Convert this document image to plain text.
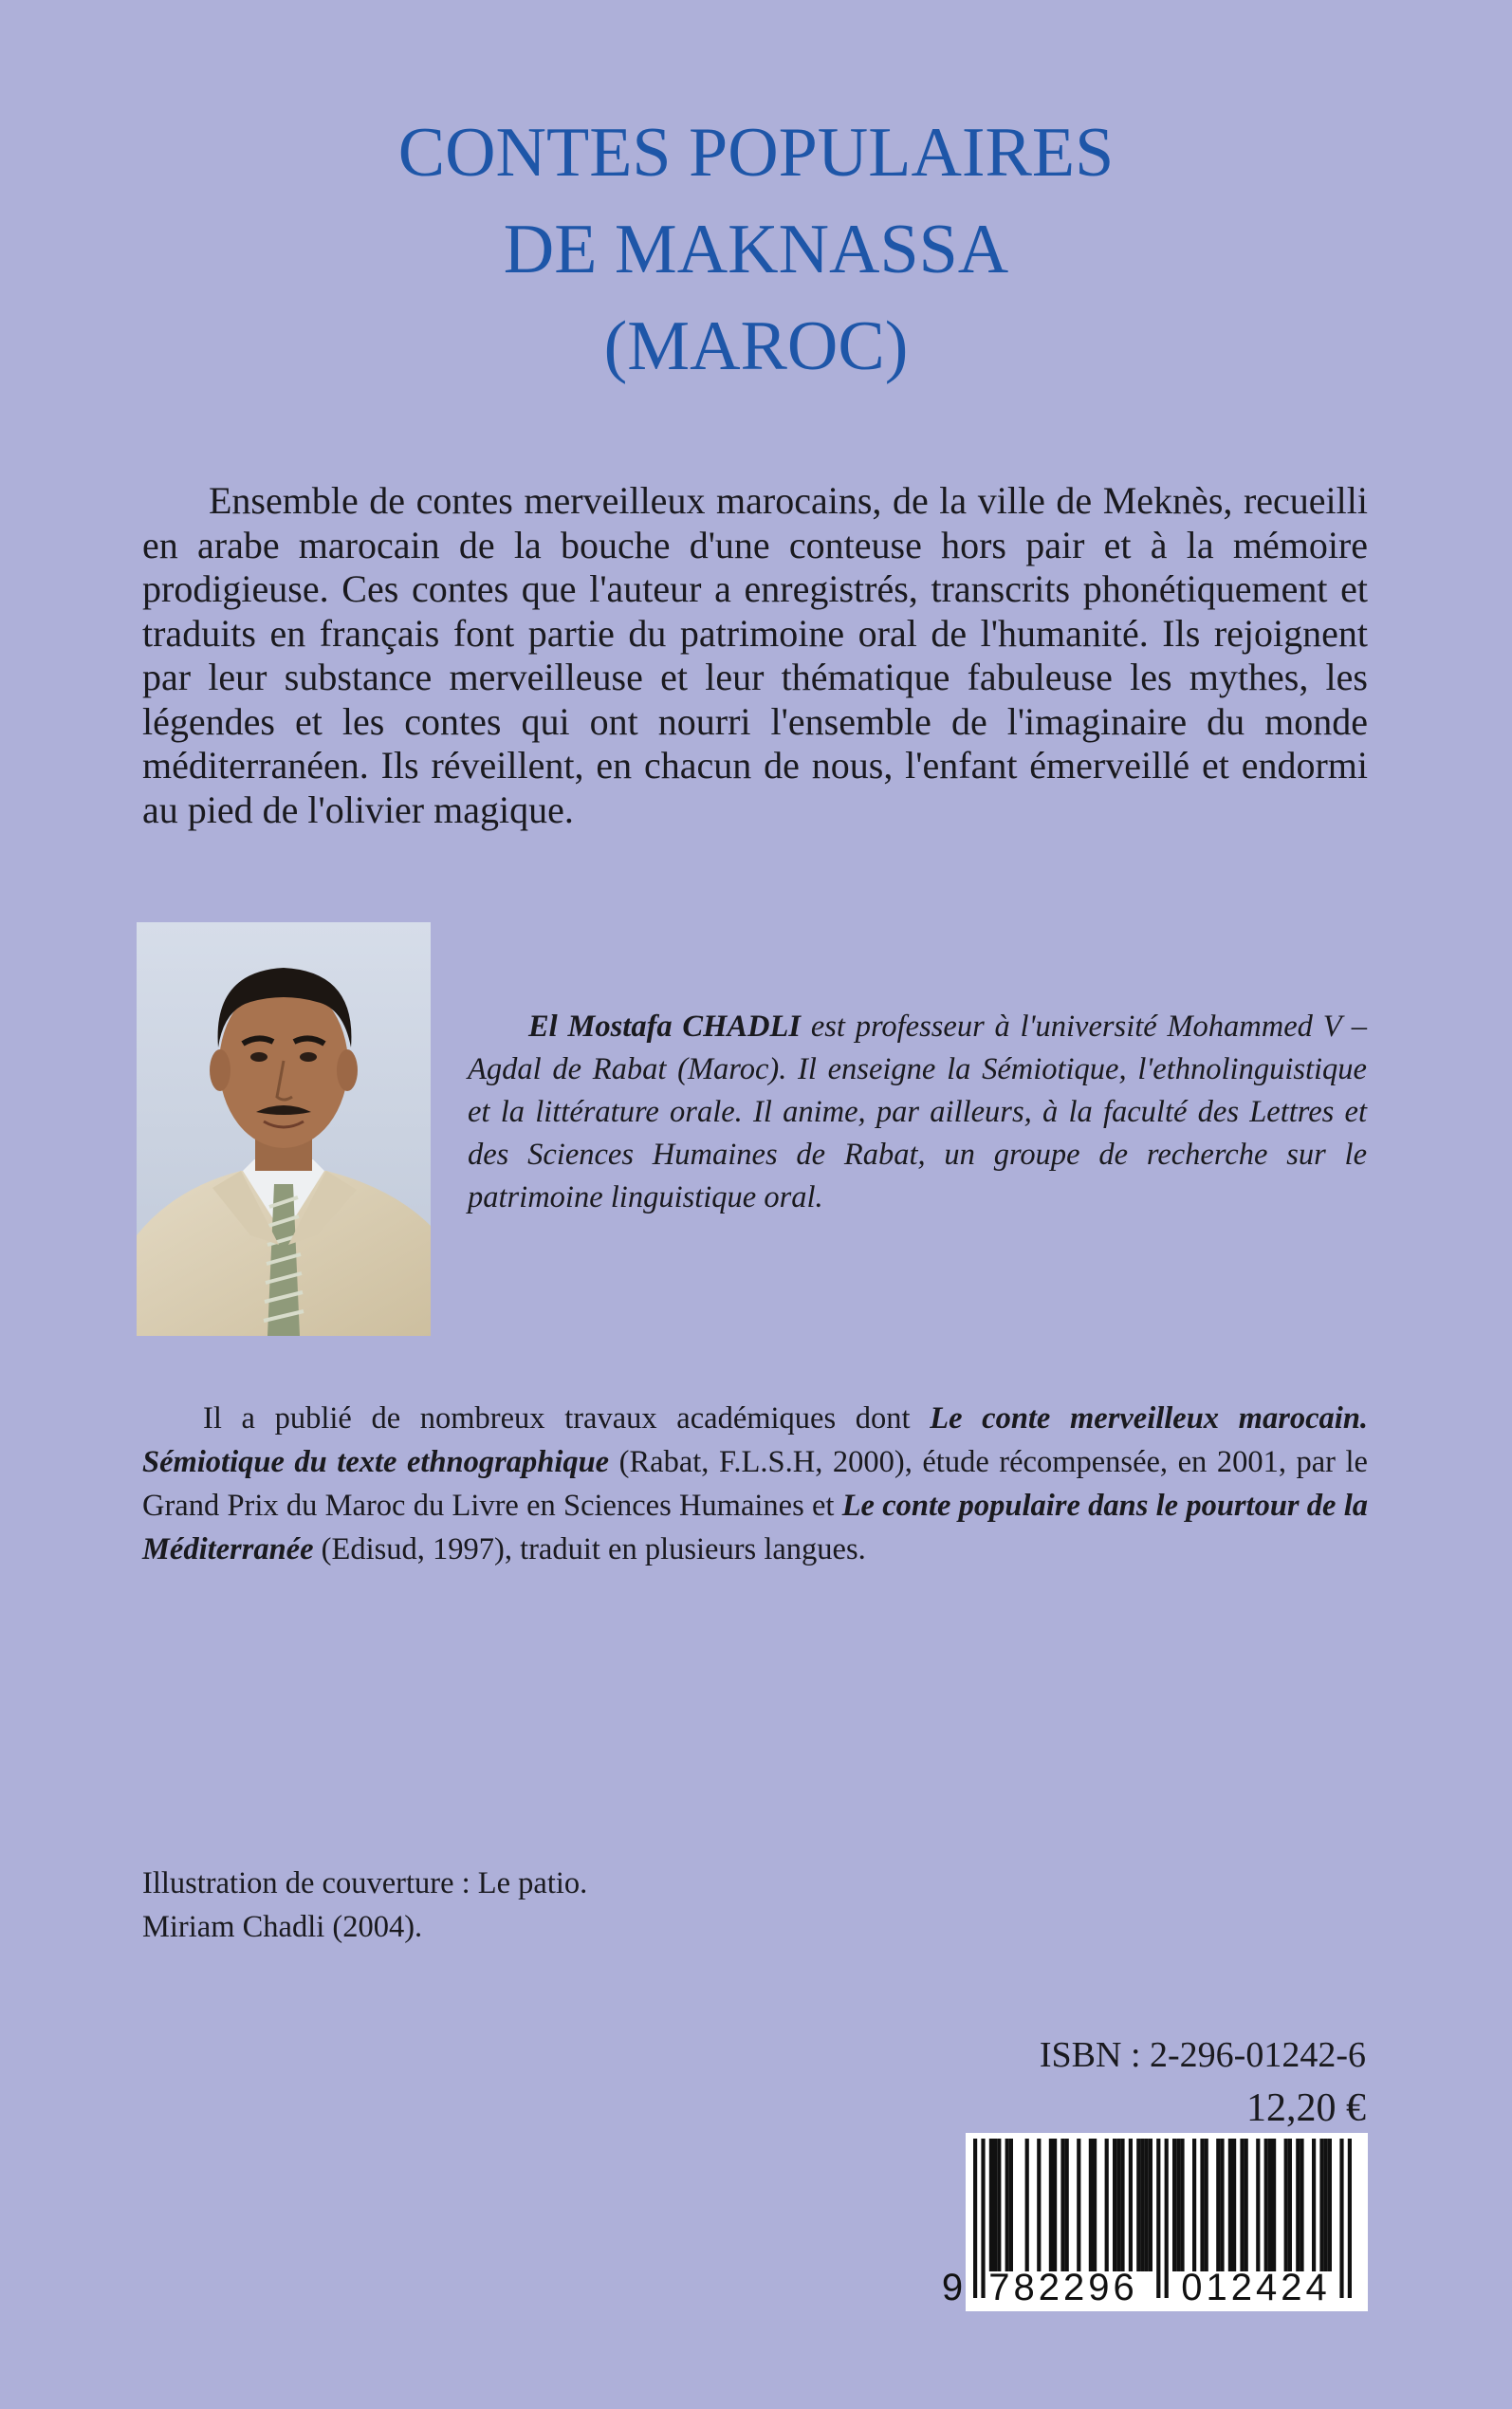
CONTES POPULAIRES
DE MAKNASSA
(MAROC)

Ensemble de contes merveilleux marocains, de la ville de Meknès, recueilli en arabe marocain de la bouche d'une conteuse hors pair et à la mémoire prodigieuse. Ces contes que l'auteur a enregistrés, transcrits phonétiquement et traduits en français font partie du patrimoine oral de l'humanité. Ils rejoignent par leur substance merveilleuse et leur thématique fabuleuse les mythes, les légendes et les contes qui ont nourri l'ensemble de l'imaginaire du monde méditerranéen. Ils réveillent, en chacun de nous, l'enfant émerveillé et endormi au pied de l'olivier magique.

El Mostafa CHADLI est professeur à l'université Mohammed V – Agdal de Rabat (Maroc). Il enseigne la Sémiotique, l'ethnolinguistique et la littérature orale. Il anime, par ailleurs, à la faculté des Lettres et des Sciences Humaines de Rabat, un groupe de recherche sur le patrimoine linguistique oral.

Il a publié de nombreux travaux académiques dont Le conte merveilleux marocain. Sémiotique du texte ethnographique (Rabat, F.L.S.H, 2000), étude récompensée, en 2001, par le Grand Prix du Maroc du Livre en Sciences Humaines et Le conte populaire dans le pourtour de la Méditerranée (Edisud, 1997), traduit en plusieurs langues.

Illustration de couverture : Le patio.
Miriam Chadli (2004).
ISBN : 2-296-01242-6
12,20 €
9 782296 012424
